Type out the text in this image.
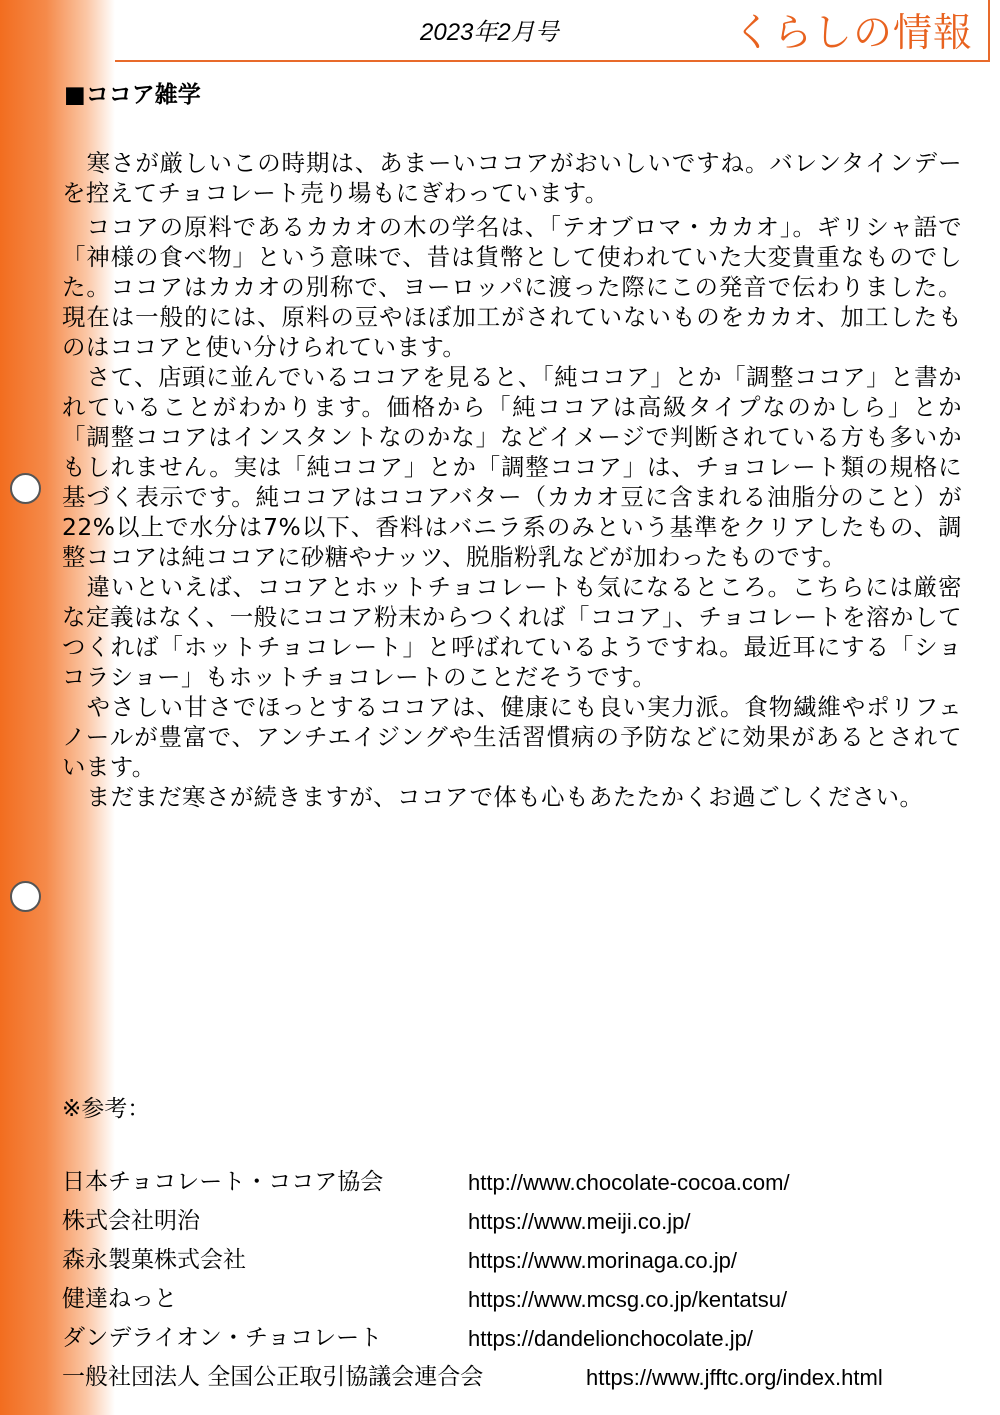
2023年2月号	くらしの情報
■ココア雑学

寒さが厳しいこの時期は、あまーいココアがおいしいですね。バレンタインデーを控えてチョコレート売り場もにぎわっています。

ココアの原料であるカカオの木の学名は、「テオブロマ・カカオ」。ギリシャ語で「神様の食べ物」という意味で、昔は貨幣として使われていた大変貴重なものでした。ココアはカカオの別称で、ヨーロッパに渡った際にこの発音で伝わりました。現在は一般的には、原料の豆やほぼ加工がされていないものをカカオ、加工したものはココアと使い分けられています。

さて、店頭に並んでいるココアを見ると、「純ココア」とか「調整ココア」と書かれていることがわかります。価格から「純ココアは高級タイプなのかしら」とか「調整ココアはインスタントなのかな」などイメージで判断されている方も多いかもしれません。実は「純ココア」とか「調整ココア」は、チョコレート類の規格に基づく表示です。純ココアはココアバター（カカオ豆に含まれる油脂分のこと）が22%以上で水分は7%以下、香料はバニラ系のみという基準をクリアしたもの、調整ココアは純ココアに砂糖やナッツ、脱脂粉乳などが加わったものです。

違いといえば、ココアとホットチョコレートも気になるところ。こちらには厳密な定義はなく、一般にココア粉末からつくれば「ココア」、チョコレートを溶かしてつくれば「ホットチョコレート」と呼ばれているようですね。最近耳にする「ショコラショー」もホットチョコレートのことだそうです。

やさしい甘さでほっとするココアは、健康にも良い実力派。食物繊維やポリフェノールが豊富で、アンチエイジングや生活習慣病の予防などに効果があるとされています。

まだまだ寒さが続きますが、ココアで体も心もあたたかくお過ごしください。

※参考：
日本チョコレート・ココア協会	http://www.chocolate-cocoa.com/
株式会社明治	https://www.meiji.co.jp/
森永製菓株式会社	https://www.morinaga.co.jp/
健達ねっと	https://www.mcsg.co.jp/kentatsu/
ダンデライオン・チョコレート	https://dandelionchocolate.jp/
一般社団法人 全国公正取引協議会連合会	https://www.jfftc.org/index.html
